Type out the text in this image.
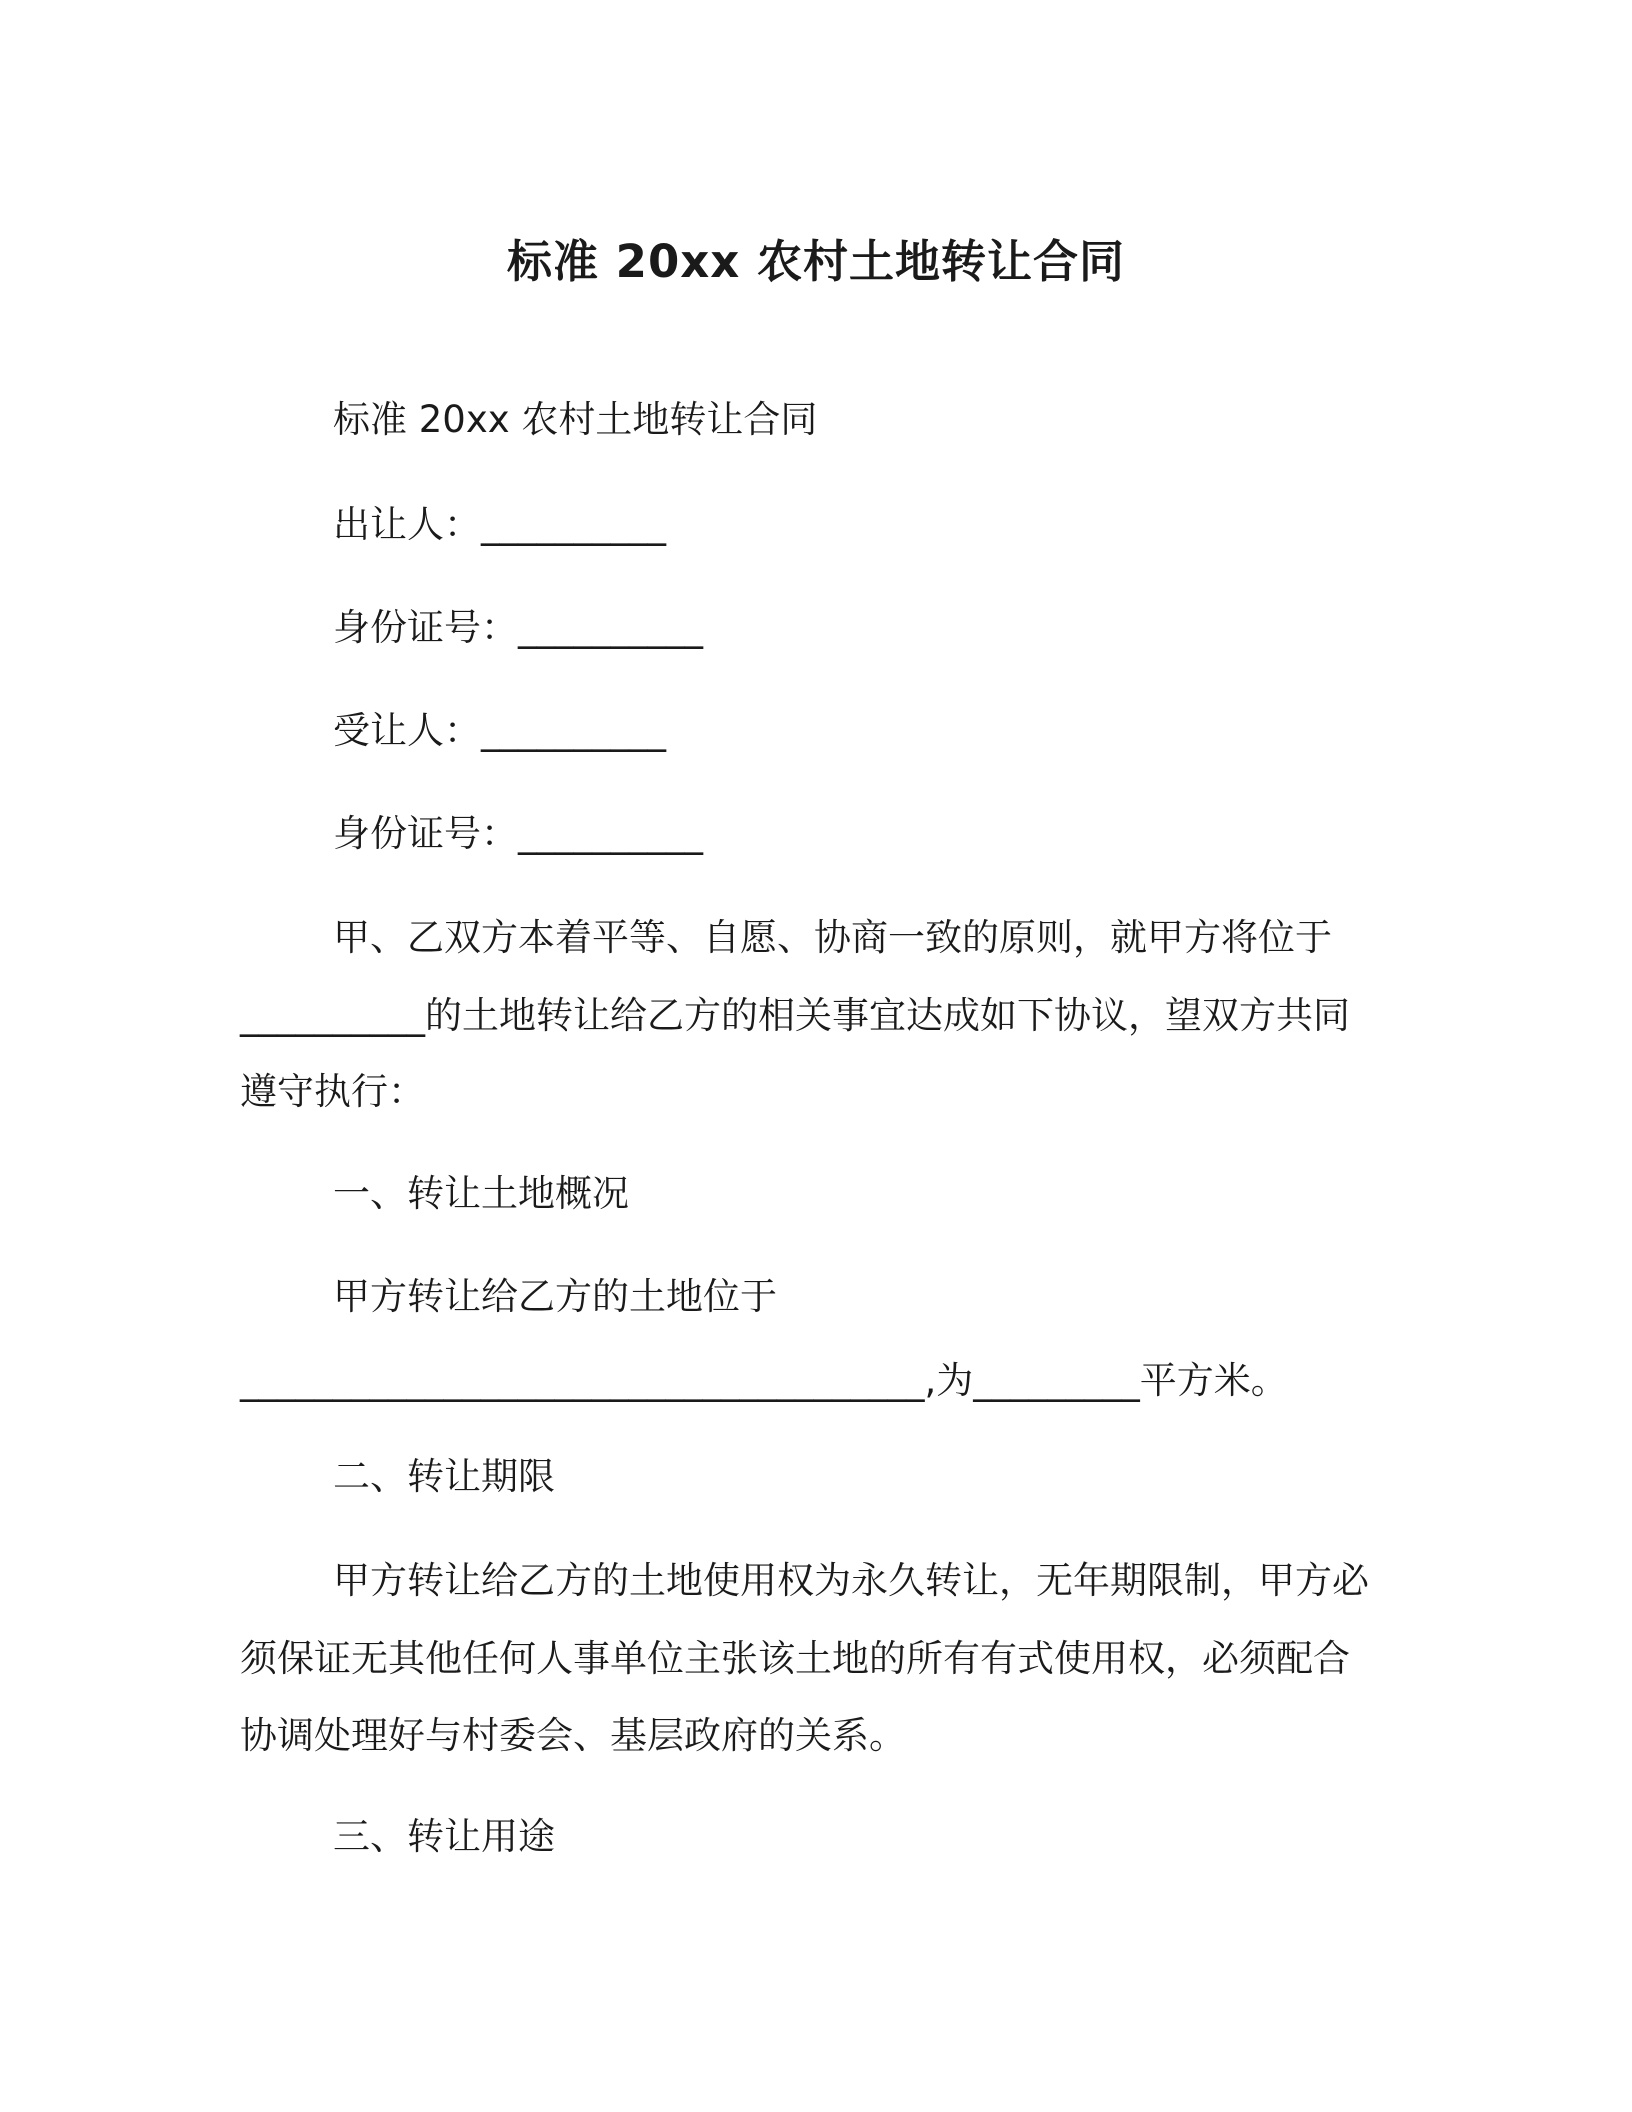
标准 20xx 农村土地转让合同
标准 20xx 农村土地转让合同
出让人：__________
身份证号：__________
受让人：__________
身份证号：__________
甲、乙双方本着平等、自愿、协商一致的原则，就甲方将位于
__________的土地转让给乙方的相关事宜达成如下协议，望双方共同
遵守执行：
一、转让土地概况
甲方转让给乙方的土地位于
_____________________________________,为_________平方米。
二、转让期限
甲方转让给乙方的土地使用权为永久转让，无年期限制，甲方必
须保证无其他任何人事单位主张该土地的所有有式使用权，必须配合
协调处理好与村委会、基层政府的关系。
三、转让用途
